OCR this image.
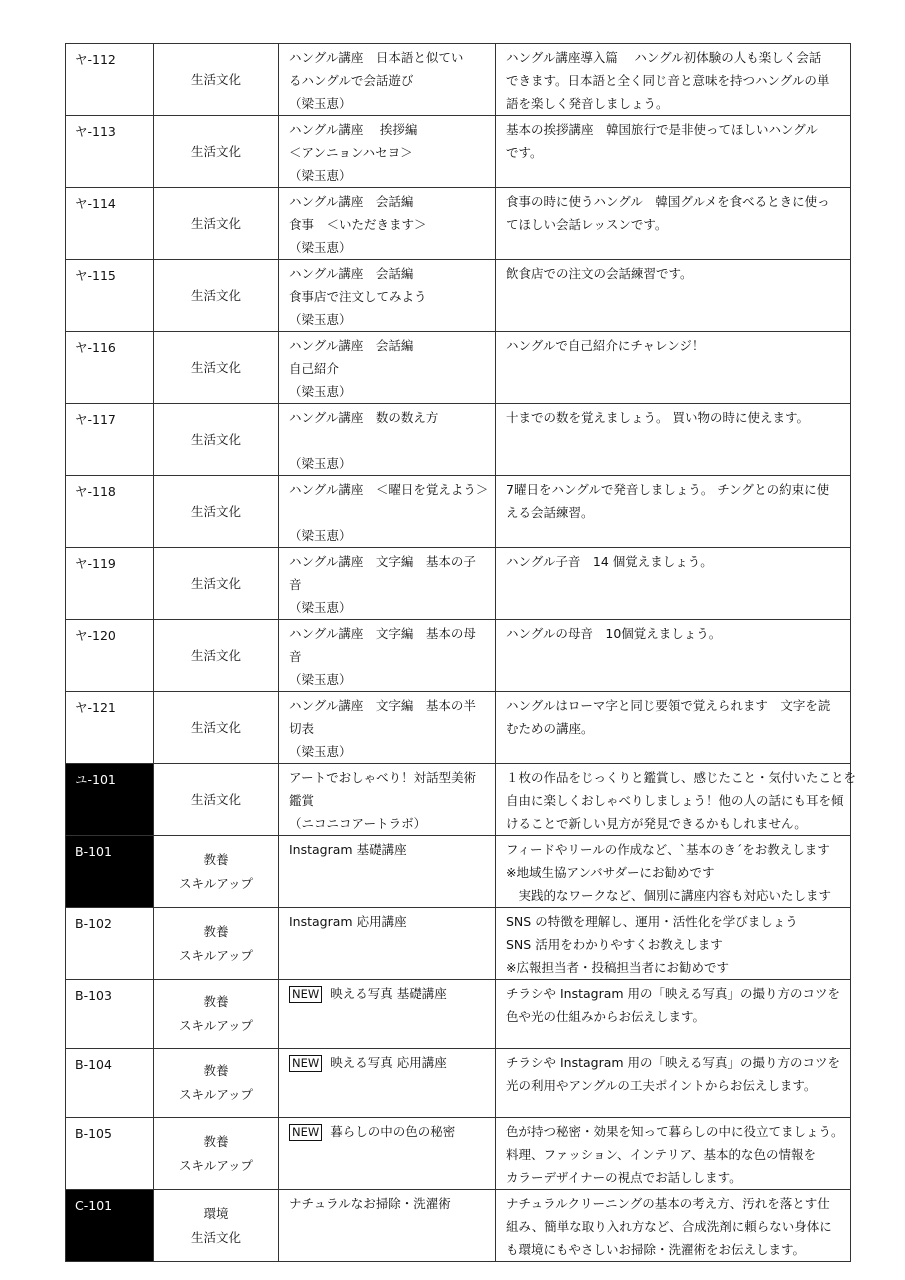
ヤ-112	生活文化	ハングル講座　日本語と似てい
るハングルで会話遊び
（梁玉恵）	ハングル講座導入篇　 ハングル初体験の人も楽しく会話
できます。日本語と全く同じ音と意味を持つハングルの単
語を楽しく発音しましょう。

ヤ-113	生活文化	ハングル講座　 挨拶編
＜アンニョンハセヨ＞
（梁玉恵）	基本の挨拶講座　韓国旅行で是非使ってほしいハングル
です。

ヤ-114	生活文化	ハングル講座　会話編
食事　＜いただきます＞
（梁玉恵）	食事の時に使うハングル　韓国グルメを食べるときに使っ
てほしい会話レッスンです。

ヤ-115	生活文化	ハングル講座　会話編
食事店で注文してみよう
（梁玉恵）	飲食店での注文の会話練習です。

ヤ-116	生活文化	ハングル講座　会話編
自己紹介
（梁玉恵）	ハングルで自己紹介にチャレンジ！

ヤ-117	生活文化	ハングル講座　数の数え方

（梁玉恵）	十までの数を覚えましょう。 買い物の時に使えます。

ヤ-118	生活文化	ハングル講座　＜曜日を覚えよう＞

（梁玉恵）	7曜日をハングルで発音しましょう。 チングとの約束に使
える会話練習。

ヤ-119	生活文化	ハングル講座　文字編　基本の子
音
（梁玉恵）	ハングル子音　14 個覚えましょう。

ヤ-120	生活文化	ハングル講座　文字編　基本の母
音
（梁玉恵）	ハングルの母音　10個覚えましょう。

ヤ-121	生活文化	ハングル講座　文字編　基本の半
切表
（梁玉恵）	ハングルはローマ字と同じ要領で覚えられます　文字を読
むための講座。

ユ-101	生活文化	アートでおしゃべり！対話型美術
鑑賞
（ニコニコアートラボ）	１枚の作品をじっくりと鑑賞し、感じたこと・気付いたことを
自由に楽しくおしゃべりしましょう！他の人の話にも耳を傾
けることで新しい見方が発見できるかもしれません。

B-101	教養
スキルアップ	Instagram 基礎講座	フィードやリールの作成など、`基本のき´をお教えします
※地域生協アンバサダーにお勧めです
　実践的なワークなど、個別に講座内容も対応いたします

B-102	教養
スキルアップ	Instagram 応用講座	SNS の特徴を理解し、運用・活性化を学びましょう
SNS 活用をわかりやすくお教えします
※広報担当者・投稿担当者にお勧めです

B-103	教養
スキルアップ	NEW 映える写真 基礎講座	チラシや Instagram 用の「映える写真」の撮り方のコツを
色や光の仕組みからお伝えします。

B-104	教養
スキルアップ	NEW 映える写真 応用講座	チラシや Instagram 用の「映える写真」の撮り方のコツを
光の利用やアングルの工夫ポイントからお伝えします。

B-105	教養
スキルアップ	NEW 暮らしの中の色の秘密	色が持つ秘密・効果を知って暮らしの中に役立てましょう。
料理、ファッション、インテリア、基本的な色の情報を
カラーデザイナーの視点でお話しします。

C-101	環境
生活文化	ナチュラルなお掃除・洗濯術	ナチュラルクリーニングの基本の考え方、汚れを落とす仕
組み、簡単な取り入れ方など、合成洗剤に頼らない身体に
も環境にもやさしいお掃除・洗濯術をお伝えします。
